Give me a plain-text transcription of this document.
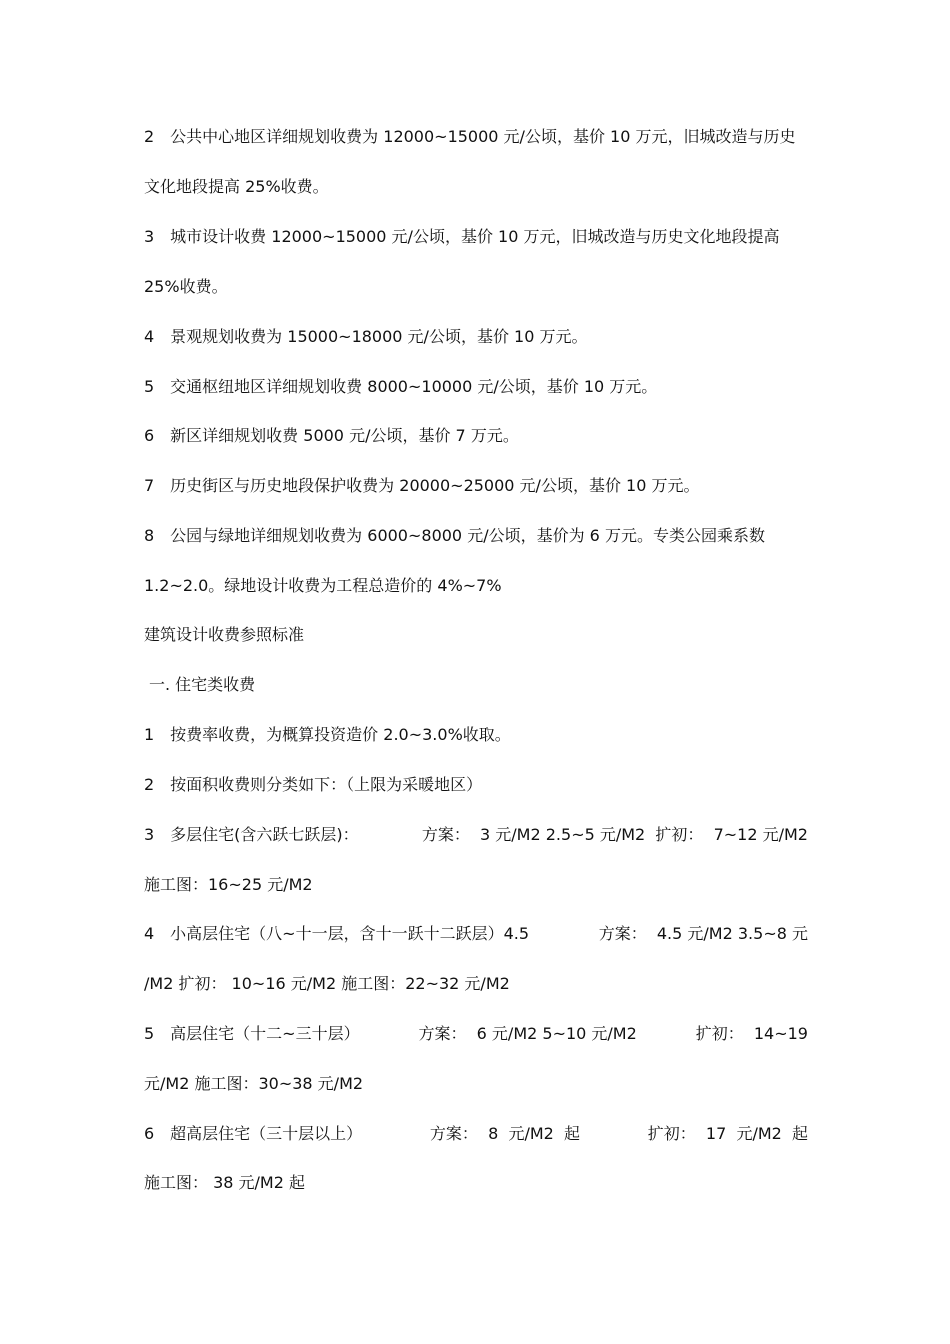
2　公共中心地区详细规划收费为 12000~15000 元/公顷，基价 10 万元，旧城改造与历史
文化地段提高 25%收费。
3　城市设计收费 12000~15000 元/公顷，基价 10 万元，旧城改造与历史文化地段提高
25%收费。
4　景观规划收费为 15000~18000 元/公顷，基价 10 万元。
5　交通枢纽地区详细规划收费 8000~10000 元/公顷，基价 10 万元。
6　新区详细规划收费 5000 元/公顷，基价 7 万元。
7　历史街区与历史地段保护收费为 20000~25000 元/公顷，基价 10 万元。
8　公园与绿地详细规划收费为 6000~8000 元/公顷，基价为 6 万元。专类公园乘系数
1.2~2.0。绿地设计收费为工程总造价的 4%~7%
建筑设计收费参照标准
一. 住宅类收费
1　按费率收费，为概算投资造价 2.0~3.0%收取。
2　按面积收费则分类如下：（上限为采暖地区）
3　多层住宅(含六跃七跃层)：	方案：  3 元/M2 2.5~5 元/M2  扩初：  7~12 元/M2
施工图：16~25 元/M2
4　小高层住宅（八~十一层，含十一跃十二跃层）4.5	方案：  4.5 元/M2 3.5~8 元
/M2 扩初： 10~16 元/M2 施工图：22~32 元/M2
5　高层住宅（十二~三十层）	方案：  6 元/M2 5~10 元/M2	扩初：  14~19
元/M2 施工图：30~38 元/M2
6　超高层住宅（三十层以上）	方案：  8  元/M2  起	扩初：  17  元/M2  起
施工图： 38 元/M2 起
